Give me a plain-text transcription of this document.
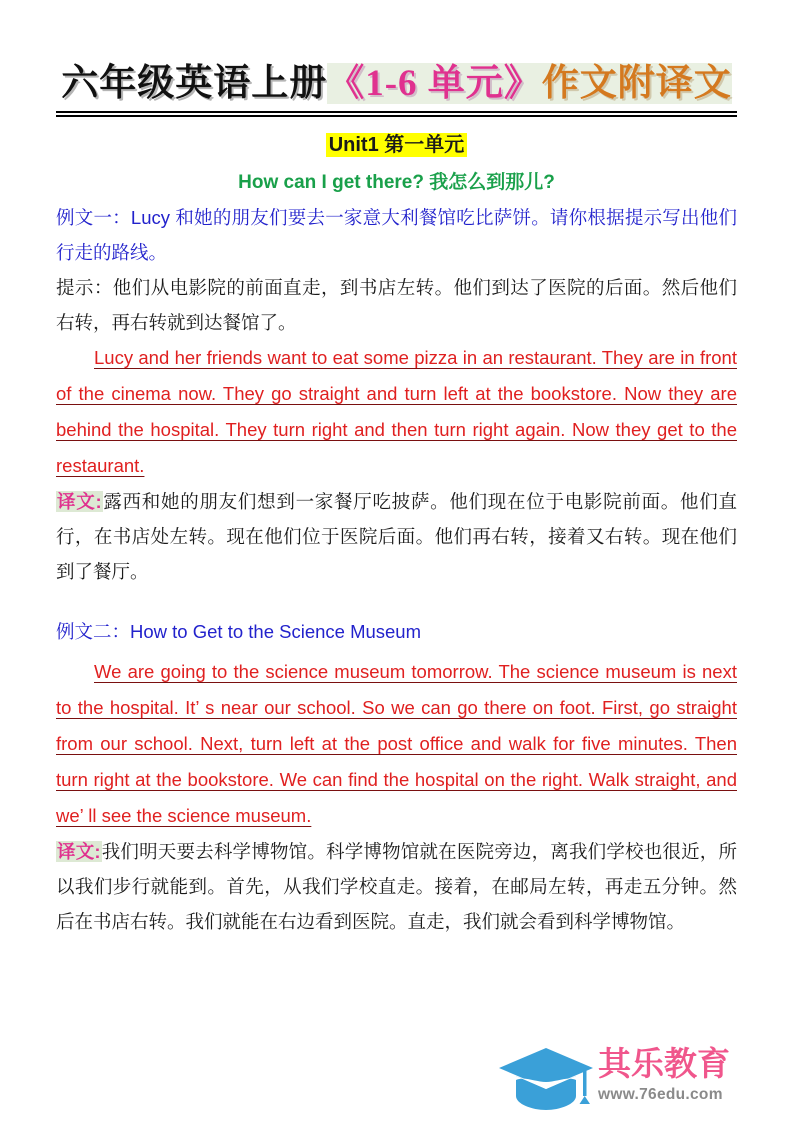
六年级英语上册《1-6 单元》作文附译文
Unit1 第一单元
How can I get there? 我怎么到那儿?

例文一：Lucy 和她的朋友们要去一家意大利餐馆吃比萨饼。请你根据提示写出他们行走的路线。

提示：他们从电影院的前面直走，到书店左转。他们到达了医院的后面。然后他们右转，再右转就到达餐馆了。

Lucy and her friends want to eat some pizza in an restaurant. They are in front of the cinema now. They go straight and turn left at the bookstore. Now they are behind the hospital. They turn right and then turn right again. Now they get to the restaurant.

译文:露西和她的朋友们想到一家餐厅吃披萨。他们现在位于电影院前面。他们直行，在书店处左转。现在他们位于医院后面。他们再右转，接着又右转。现在他们到了餐厅。

例文二：How to Get to the Science Museum

We are going to the science museum tomorrow. The science museum is next to the hospital. It’ s near our school. So we can go there on foot. First, go straight from our school. Next, turn left at the post office and walk for five minutes. Then turn right at the bookstore. We can find the hospital on the right. Walk straight, and we’ ll see the science museum.

译文:我们明天要去科学博物馆。科学博物馆就在医院旁边，离我们学校也很近，所以我们步行就能到。首先，从我们学校直走。接着，在邮局左转，再走五分钟。然后在书店右转。我们就能在右边看到医院。直走，我们就会看到科学博物馆。

其乐教育
www.76edu.com
